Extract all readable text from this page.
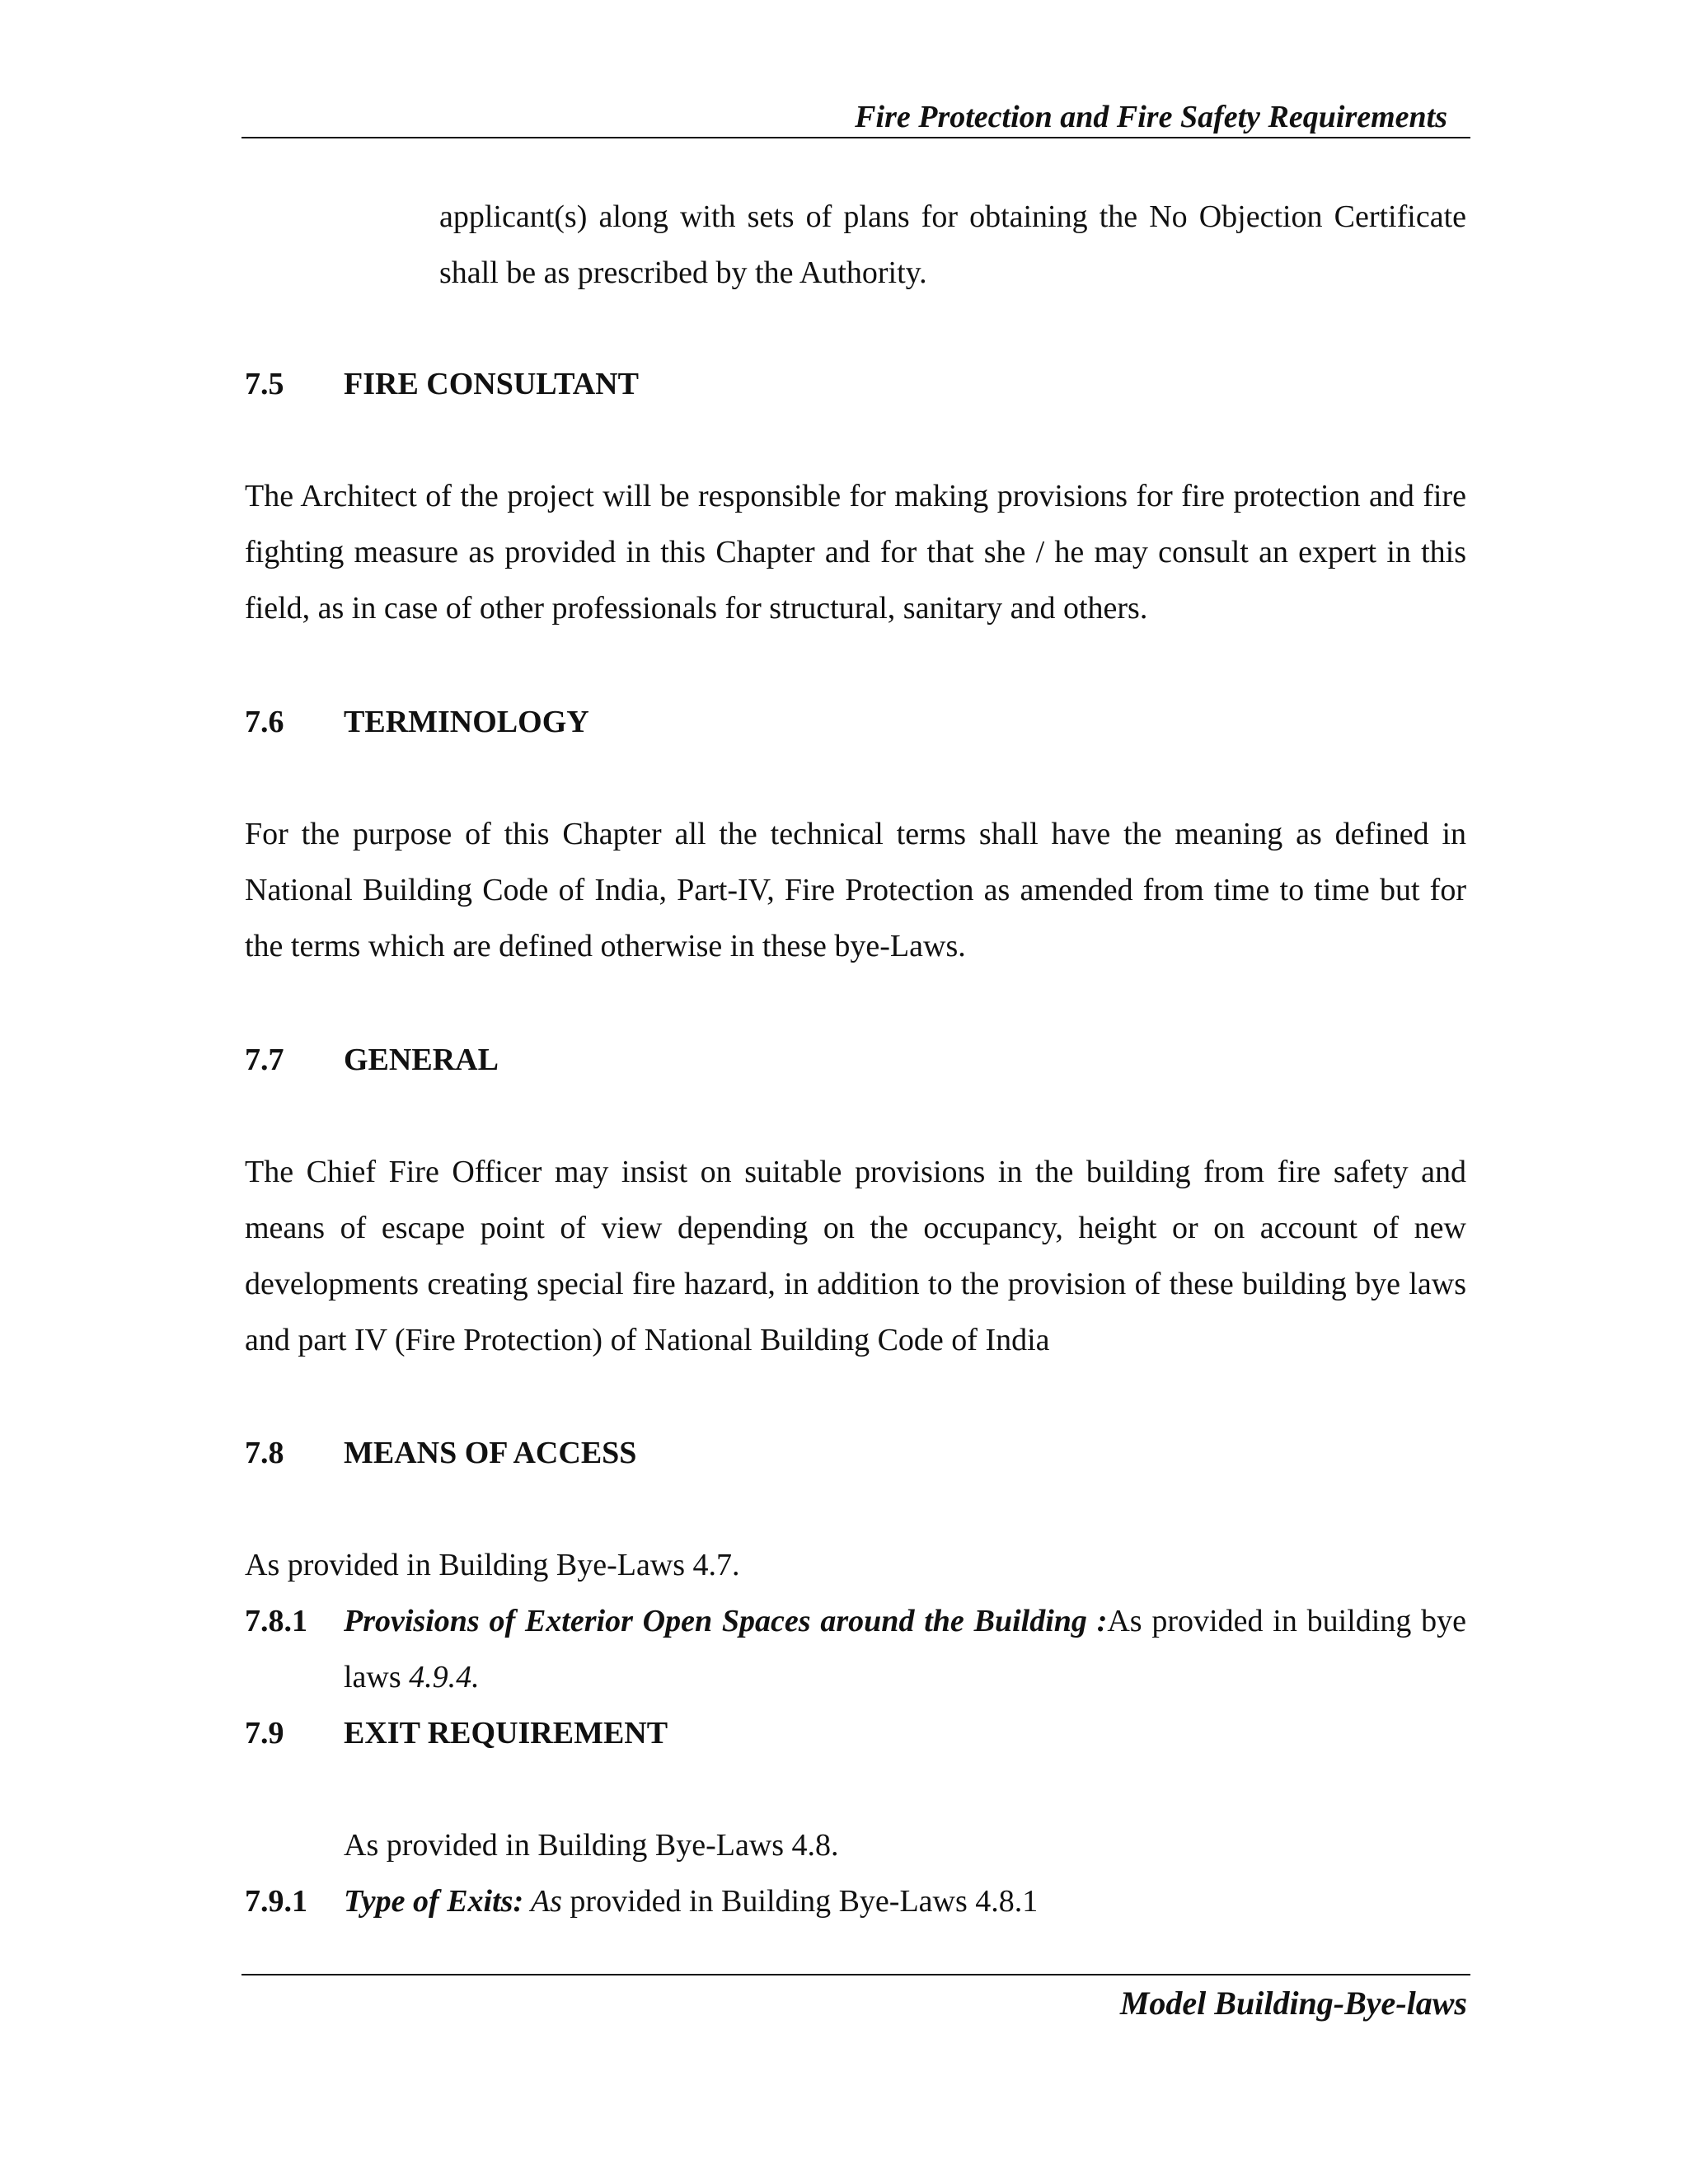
Fire Protection and Fire Safety Requirements
applicant(s) along with sets of plans for obtaining the No Objection Certificate shall be as prescribed by the Authority.
7.5 FIRE CONSULTANT
The Architect of the project will be responsible for making provisions for fire protection and fire fighting measure as provided in this Chapter and for that she / he may consult an expert in this field, as in case of other professionals for structural, sanitary and others.
7.6 TERMINOLOGY
For the purpose of this Chapter all the technical terms shall have the meaning as defined in National Building Code of India, Part-IV, Fire Protection as amended from time to time but for the terms which are defined otherwise in these bye-Laws.
7.7 GENERAL
The Chief Fire Officer may insist on suitable provisions in the building from fire safety and means of escape point of view depending on the occupancy, height or on account of new developments creating special fire hazard, in addition to the provision of these building bye laws and part IV (Fire Protection) of National Building Code of India
7.8 MEANS OF ACCESS
As provided in Building Bye-Laws 4.7.
7.8.1 Provisions of Exterior Open Spaces around the Building :As provided in building bye laws 4.9.4.
7.9 EXIT REQUIREMENT
As provided in Building Bye-Laws 4.8.
7.9.1 Type of Exits: As provided in Building Bye-Laws 4.8.1
Model Building-Bye-laws
